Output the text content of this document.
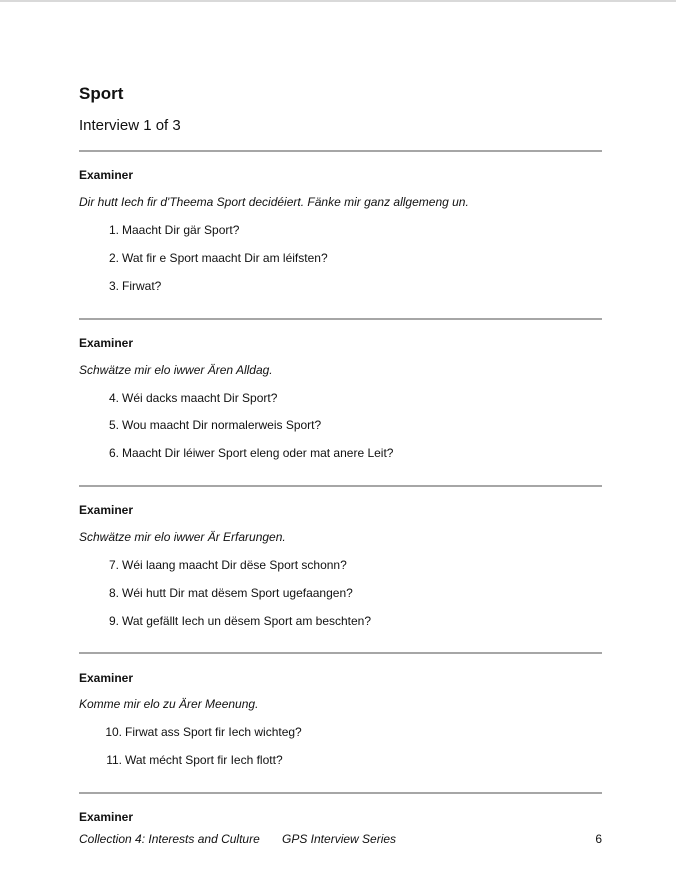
Sport
Interview 1 of 3
Examiner
Dir hutt Iech fir d'Theema Sport decidéiert. Fänke mir ganz allgemeng un.
1. Maacht Dir gär Sport?
2. Wat fir e Sport maacht Dir am léifsten?
3. Firwat?
Examiner
Schwätze mir elo iwwer Ären Alldag.
4. Wéi dacks maacht Dir Sport?
5. Wou maacht Dir normalerweis Sport?
6. Maacht Dir léiwer Sport eleng oder mat anere Leit?
Examiner
Schwätze mir elo iwwer Är Erfarungen.
7. Wéi laang maacht Dir dëse Sport schonn?
8. Wéi hutt Dir mat dësem Sport ugefaangen?
9. Wat gefällt Iech un dësem Sport am beschten?
Examiner
Komme mir elo zu Ärer Meenung.
10. Firwat ass Sport fir Iech wichteg?
11. Wat mécht Sport fir Iech flott?
Examiner
Collection 4: Interests and Culture GPS Interview Series	6
